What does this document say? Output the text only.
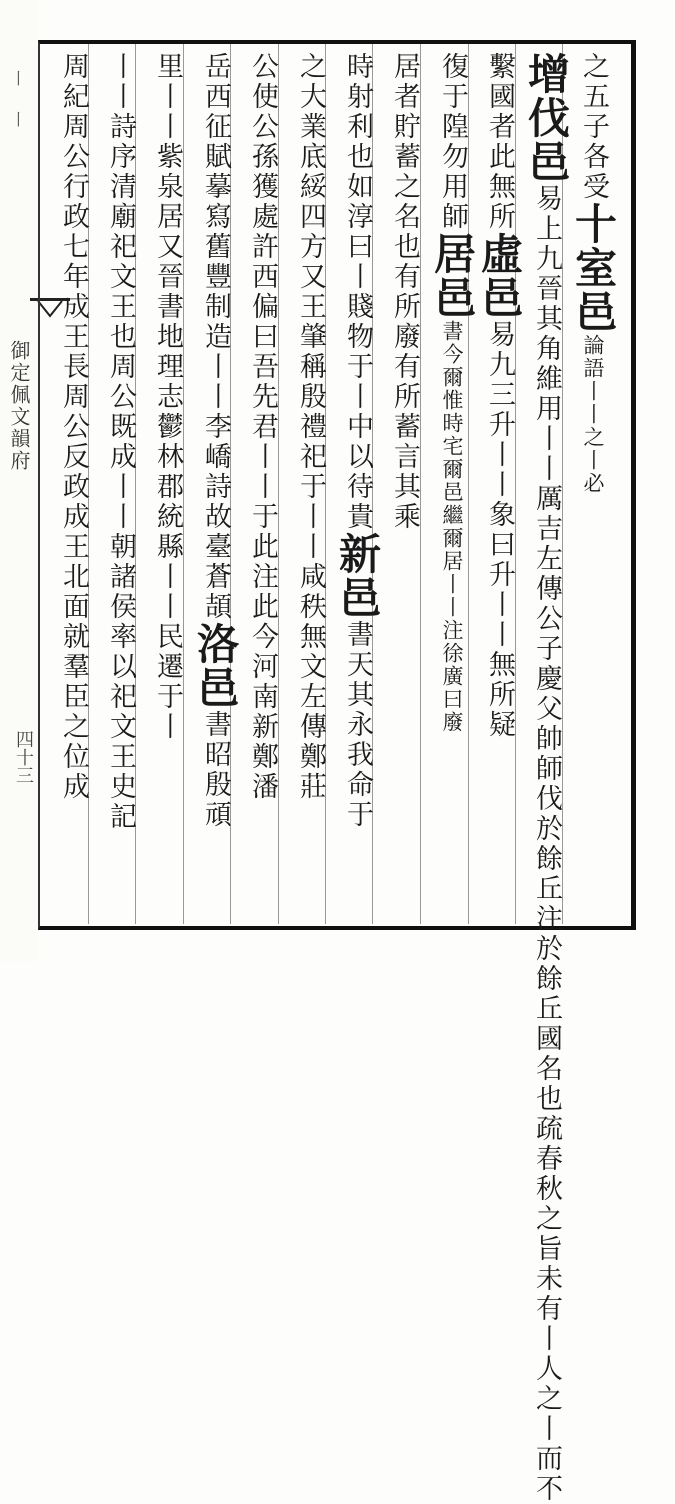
丨 丨
御定佩文韻府
四十三
之五子各受十室邑論語丨丨之丨必
增伐邑易上九晉其角維用丨丨厲吉左傳公子慶父帥師伐於餘丘注於餘丘國名也疏春秋之旨未有丨人之丨而不
繫國者此無所虛邑易九三升丨丨象曰升丨丨無所疑
復于隍勿用師居邑書今爾惟時宅爾邑繼爾居丨丨注徐廣曰廢
居者貯蓄之名也有所廢有所蓄言其乘
時射利也如淳曰丨賤物于丨中以待貴新邑書天其永我命于
之大業底綏四方又王肇稱殷禮祀于丨丨咸秩無文左傳鄭莊
公使公孫獲處許西偏曰吾先君丨丨于此注此今河南新鄭潘
岳西征賦摹寫舊豐制造丨丨李嶠詩故臺蒼頡洛邑書昭殷頑
里丨丨紫泉居又晉書地理志鬱林郡統縣丨丨民遷于丨
丨丨詩序清廟祀文王也周公既成丨丨朝諸侯率以祀文王史記
周紀周公行政七年成王長周公反政成王北面就羣臣之位成
